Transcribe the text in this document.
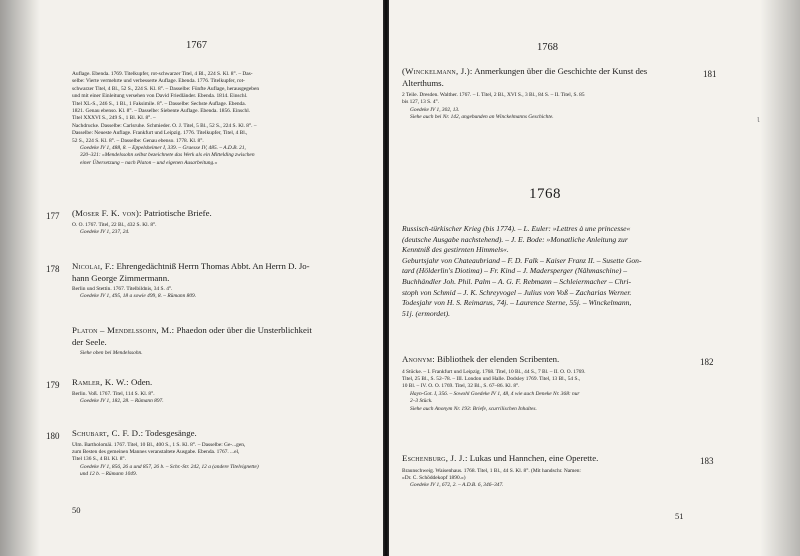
1767
Auflage. Ebenda. 1769. Titelkupfer, rot-schwarzer Titel, 4 Bl., 224 S. Kl. 8°. – Das-
selbe: Vierte vermehrte und verbesserte Auflage. Ebenda. 1776. Titelkupfer, rot-
schwarzer Titel, 4 Bl., 52 S., 224 S. Kl. 8°. – Dasselbe: Fünfte Auflage, herausgegeben
und mit einer Einleitung versehen von David Friedländer. Ebenda. 1814. Einschl.
Titel XL-S., 246 S., 1 Bl., 1 Faksimile. 8°. – Dasselbe: Sechste Auflage. Ebenda.
1821. Genau ebenso. Kl. 8°. – Dasselbe: Siebente Auflage. Ebenda. 1856. Einschl.
Titel XXXVI S., 249 S., 1 Bl. Kl. 8°. –
Nachdrucke. Dasselbe: Carlsruhe. Schmieder. O. J. Titel, 5 Bl., 52 S., 224 S. Kl. 8°. –
Dasselbe: Neueste Auflage. Frankfurt und Leipzig. 1776. Titelkupfer, Titel, 4 Bl.,
52 S., 224 S. Kl. 8°. – Dasselbe: Genau ebenso. 1778. Kl. 8°.
Goedeke IV 1, 488, 8. – Eppelsheimer I, 339. – Graesse IV, 485. – A.D.B. 21,
320–321: »Mendelssohn selbst bezeichnete das Werk als ein Mittelding zwischen
einer Übersetzung – nach Platon – und eigenen Ausarbeitung.«
177 (Moser F. K. von): Patriotische Briefe.
O. O. 1767. Titel, 22 Bl., 432 S. Kl. 8°.
Goedeke IV 1, 237, 24.
178 Nicolai, F.: Ehrengedächtniß Herrn Thomas Abbt. An Herrn D. Jo-
hann George Zimmermann.
Berlin und Stettin. 1767. Titelbildnis, 34 S. 4°.
Goedeke IV 1, 495, 18 a sowie 499, 8. – Rümann 809.
Platon – Mendelssohn, M.: Phaedon oder über die Unsterblichkeit
der Seele.
Siehe oben bei Mendelssohn.
179 Ramler, K. W.: Oden.
Berlin. Voß. 1767. Titel, 114 S. Kl. 8°.
Goedeke IV 1, 182, 28. – Rümann 897.
180 Schubart, C. F. D.: Todesgesänge.
Ulm. Bartholomäi. 1767. Titel, 10 Bl., 400 S., 1 S. Kl. 8°. – Dasselbe: Ge-...gen,
zum Besten des gemeinen Mannes veranstaltete Ausgabe. Ebenda. 1767. ...el,
Titel 136 S., 4 Bl. Kl. 8°.
Goedeke IV 1, 856, 26 a und 857, 26 b. – Schr.-Str. 242, 12 a (andere Titelvignette)
und 12 b. – Rümann 1049.
50
1768
(Winckelmann, J.): Anmerkungen über die Geschichte der Kunst des
Alterthums.
2 Teile. Dresden. Walther. 1767. – I. Titel, 2 Bl., XVI S., 3 Bl., 84 S. – II. Titel, S. 85
bis 127, 13 S. 4°.
Goedeke IV 1, 302, 13.
Siehe auch bei Nr. 142, angebunden an Winckelmanns Geschichte.
181
ι
1768
Russisch-türkischer Krieg (bis 1774). – L. Euler: »Lettres à une princesse«
(deutsche Ausgabe nachstehend). – J. E. Bode: »Monatliche Anleitung zur
Kenntniß des gestirnten Himmels«.
Geburtsjahr von Chateaubriand – F. D. Falk – Kaiser Franz II. – Susette Gon-
tard (Hölderlin's Diotima) – Fr. Kind – J. Madersperger (Nähmaschine) –
Buchhändler Joh. Phil. Palm – A. G. F. Rebmann – Schleiermacher – Chri-
stoph von Schmid – J. K. Schreyvogel – Julius von Voß – Zacharias Werner.
Todesjahr von H. S. Reimarus, 74j. – Laurence Sterne, 55j. – Winckelmann,
51j. (ermordet).
Anonym: Bibliothek der elenden Scribenten.
4 Stücke. – I. Frankfurt und Leipzig. 1768. Titel, 10 Bl., 44 S., 7 Bl. – II. O. O. 1769.
Titel, 25 Bl., S. 52–78. – III. London und Halle. Dodsley 1769. Titel, 13 Bl., 54 S.,
10 Bl. – IV. O. O. 1769. Titel, 32 Bl., S. 67–86. Kl. 8°.
Hayn-Got. I, 356. – Sowohl Goedeke IV 1, 48, 4 wie auch Deneke Nr. 368: nur
2–3 Stück.
Siehe auch Anonym Nr. 193: Briefe, scurrilischen Inhaltes.
182
Eschenburg, J. J.: Lukas und Hannchen, eine Operette.
Braunschweig. Waisenhaus. 1768. Titel, 1 Bl., 44 S. Kl. 8°. (Mit handschr. Namen:
»Dr. C. Schöddekopf 1890.«)
Goedeke IV 1, 672, 2. – A.D.B. 6, 346–347.
183
51
